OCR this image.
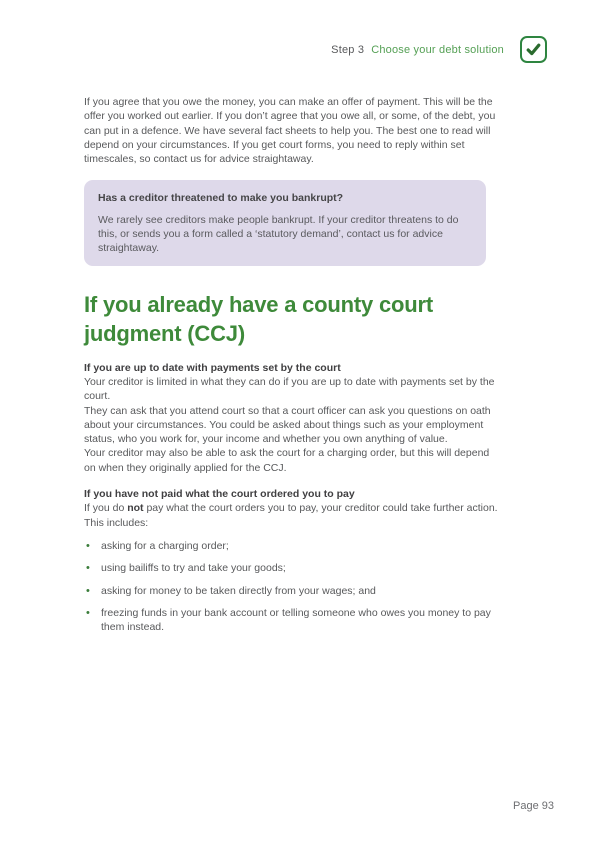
Step 3 Choose your debt solution

If you agree that you owe the money, you can make an offer of payment. This will be the offer you worked out earlier. If you don’t agree that you owe all, or some, of the debt, you can put in a defence. We have several fact sheets to help you. The best one to read will depend on your circumstances. If you get court forms, you need to reply within set timescales, so contact us for advice straightaway.

Has a creditor threatened to make you bankrupt?

We rarely see creditors make people bankrupt. If your creditor threatens to do this, or sends you a form called a ‘statutory demand’, contact us for advice straightaway.

If you already have a county court judgment (CCJ)

If you are up to date with payments set by the court

Your creditor is limited in what they can do if you are up to date with payments set by the court.

They can ask that you attend court so that a court officer can ask you questions on oath about your circumstances. You could be asked about things such as your employment status, who you work for, your income and whether you own anything of value.

Your creditor may also be able to ask the court for a charging order, but this will depend on when they originally applied for the CCJ.

If you have not paid what the court ordered you to pay

If you do not pay what the court orders you to pay, your creditor could take further action. This includes:

• asking for a charging order;
• using bailiffs to try and take your goods;
• asking for money to be taken directly from your wages; and
• freezing funds in your bank account or telling someone who owes you money to pay them instead.
Page 93
